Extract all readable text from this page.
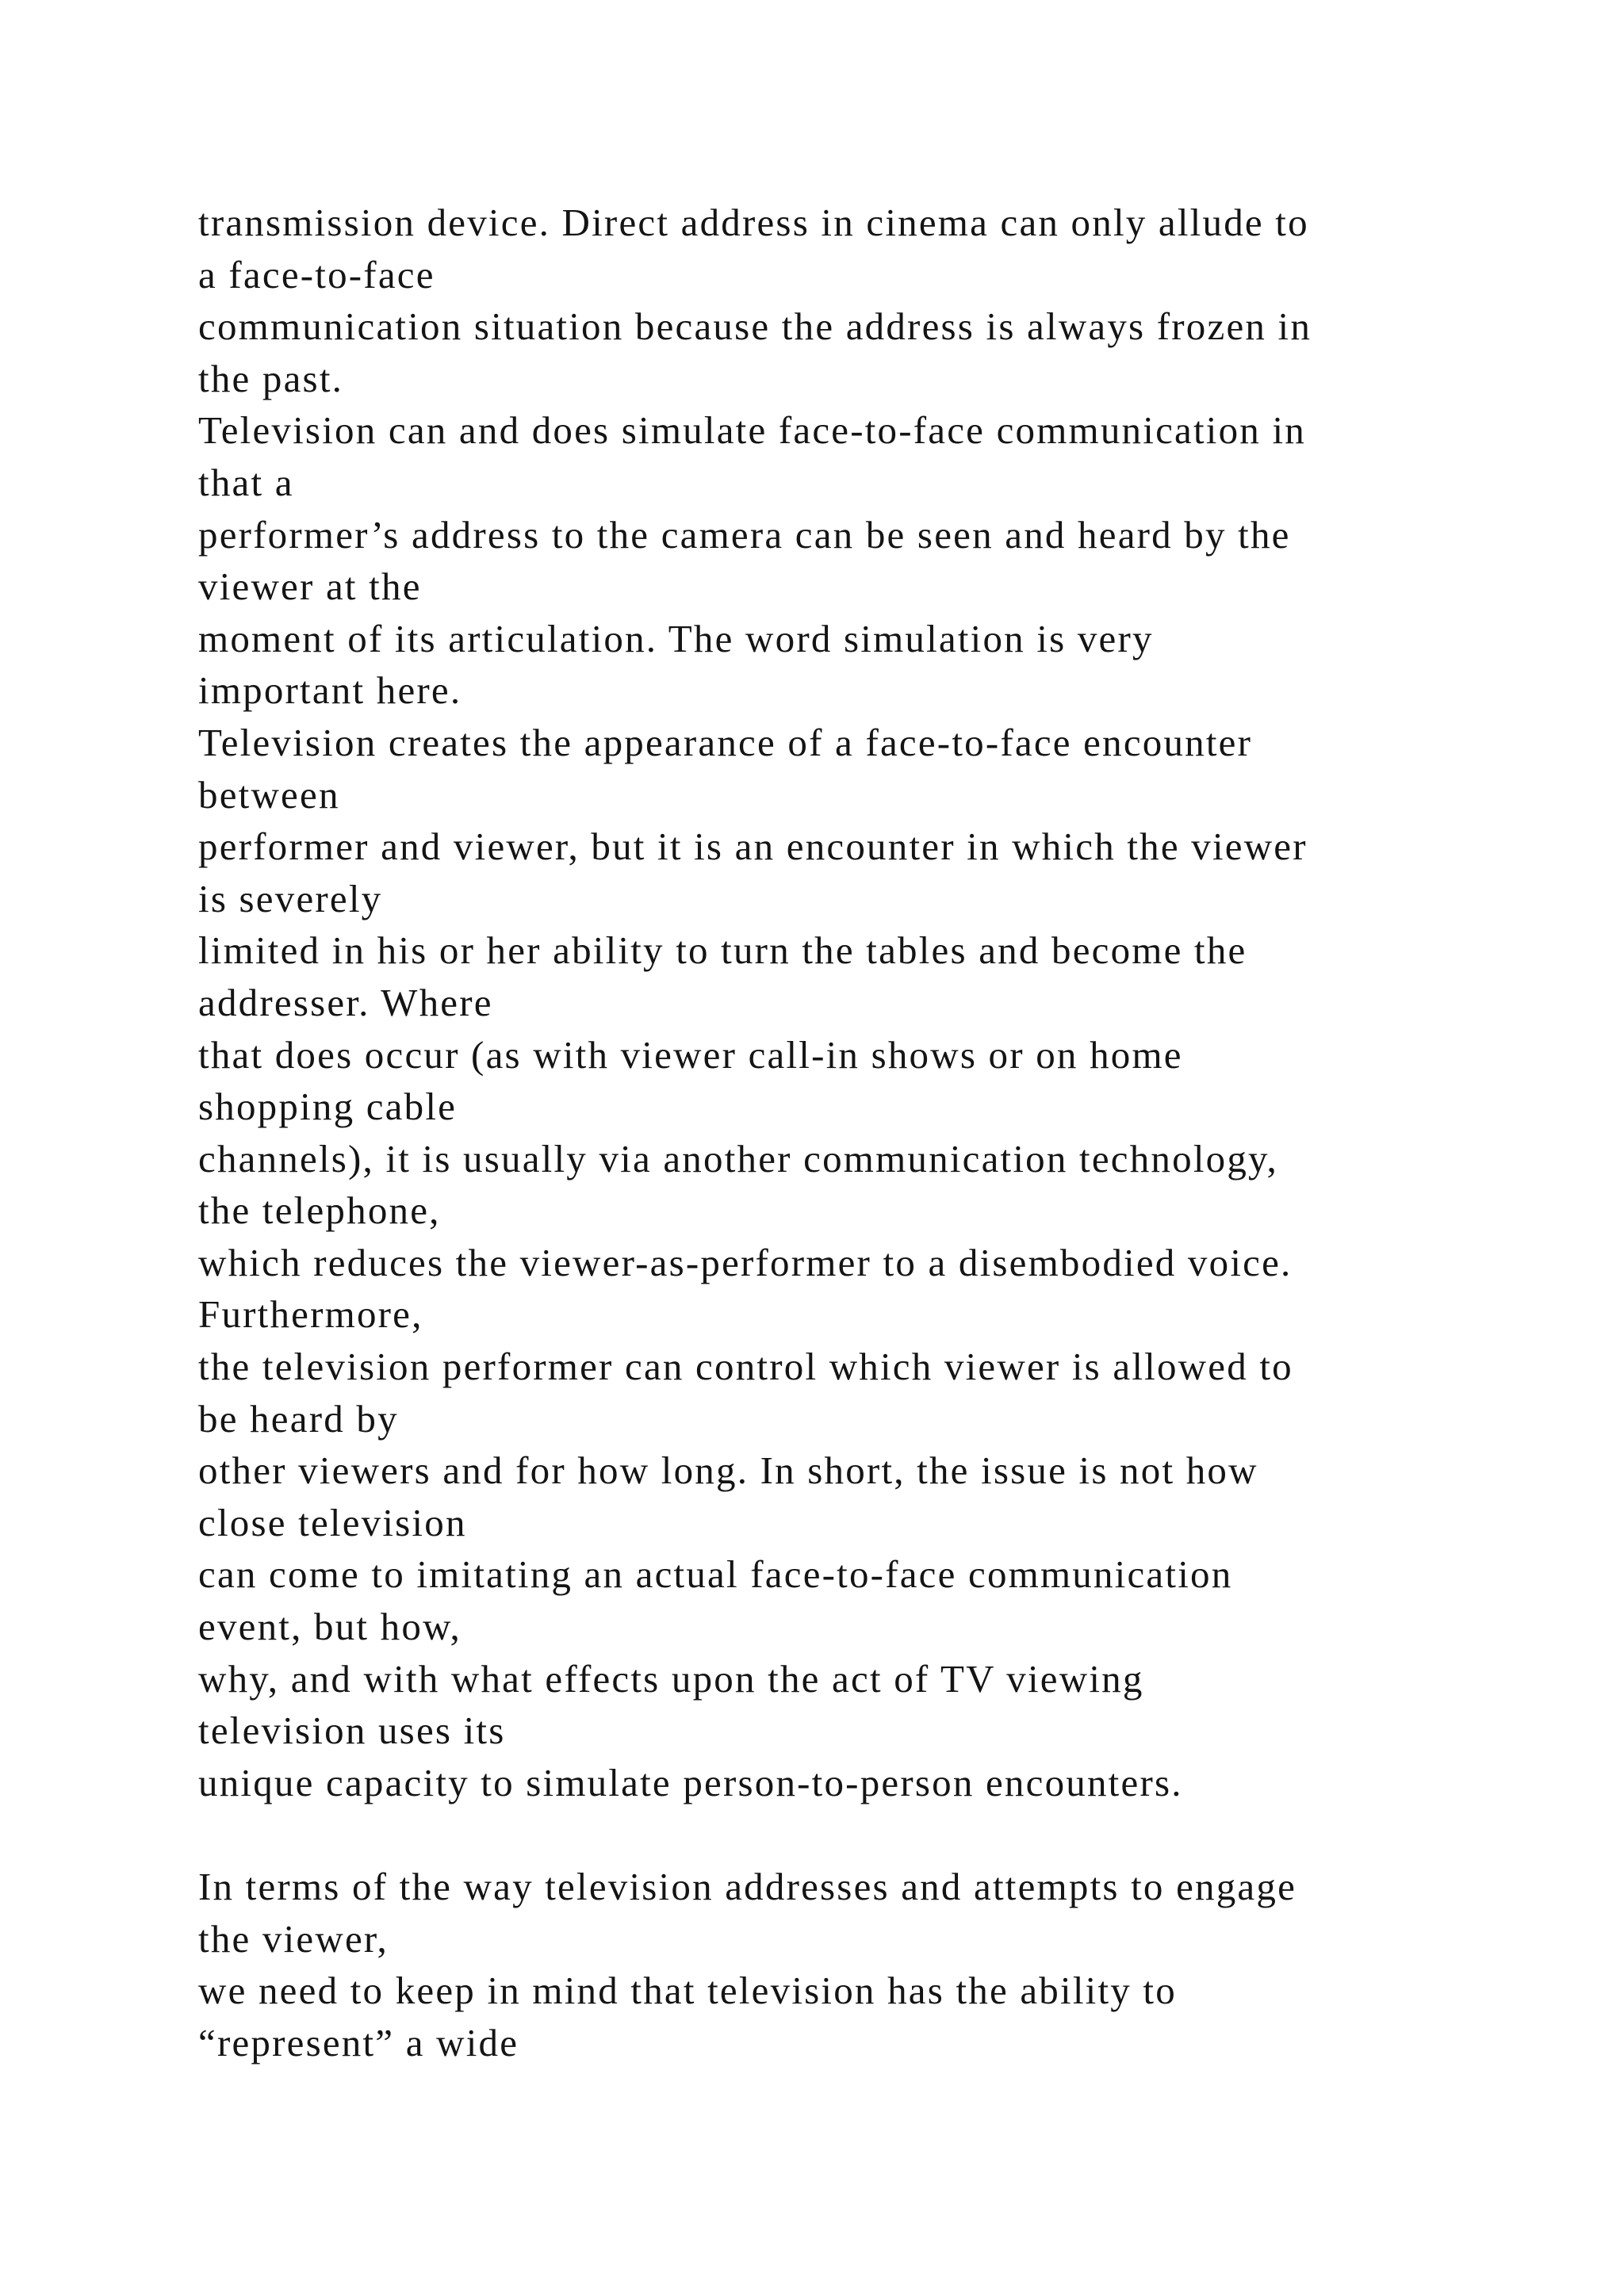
transmission device. Direct address in cinema can only allude to
a face-to-face
communication situation because the address is always frozen in
the past.
Television can and does simulate face-to-face communication in
that a
performer’s address to the camera can be seen and heard by the
viewer at the
moment of its articulation. The word simulation is very
important here.
Television creates the appearance of a face-to-face encounter
between
performer and viewer, but it is an encounter in which the viewer
is severely
limited in his or her ability to turn the tables and become the
addresser. Where
that does occur (as with viewer call-in shows or on home
shopping cable
channels), it is usually via another communication technology,
the telephone,
which reduces the viewer-as-performer to a disembodied voice.
Furthermore,
the television performer can control which viewer is allowed to
be heard by
other viewers and for how long. In short, the issue is not how
close television
can come to imitating an actual face-to-face communication
event, but how,
why, and with what effects upon the act of TV viewing
television uses its
unique capacity to simulate person-to-person encounters.
In terms of the way television addresses and attempts to engage
the viewer,
we need to keep in mind that television has the ability to
“represent” a wide
